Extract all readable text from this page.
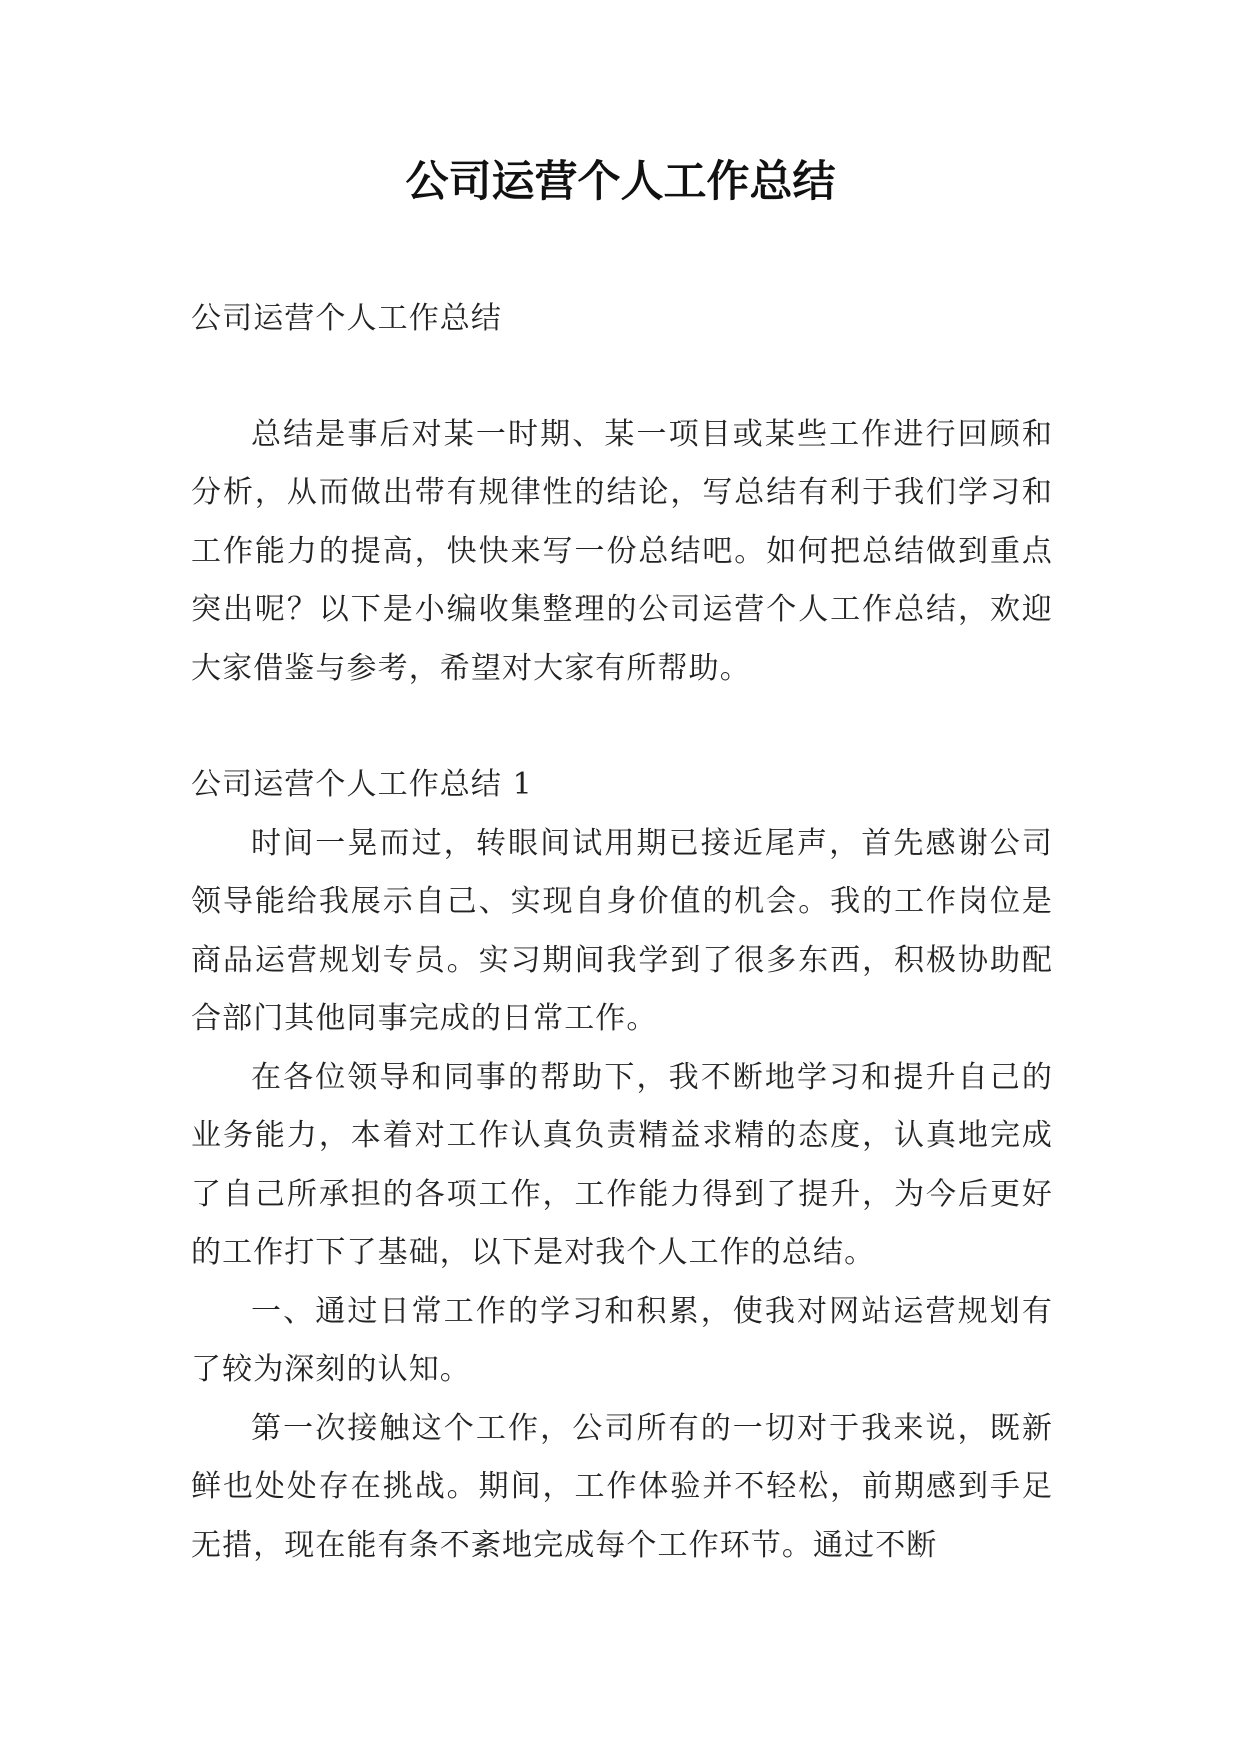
公司运营个人工作总结

公司运营个人工作总结

总结是事后对某一时期、某一项目或某些工作进行回顾和分析，从而做出带有规律性的结论，写总结有利于我们学习和工作能力的提高，快快来写一份总结吧。如何把总结做到重点突出呢？以下是小编收集整理的公司运营个人工作总结，欢迎大家借鉴与参考，希望对大家有所帮助。

公司运营个人工作总结 1

时间一晃而过，转眼间试用期已接近尾声，首先感谢公司领导能给我展示自己、实现自身价值的机会。我的工作岗位是商品运营规划专员。实习期间我学到了很多东西，积极协助配合部门其他同事完成的日常工作。

在各位领导和同事的帮助下，我不断地学习和提升自己的业务能力，本着对工作认真负责精益求精的态度，认真地完成了自己所承担的各项工作，工作能力得到了提升，为今后更好的工作打下了基础，以下是对我个人工作的总结。

一、通过日常工作的学习和积累，使我对网站运营规划有了较为深刻的认知。

第一次接触这个工作，公司所有的一切对于我来说，既新鲜也处处存在挑战。期间，工作体验并不轻松，前期感到手足无措，现在能有条不紊地完成每个工作环节。通过不断
